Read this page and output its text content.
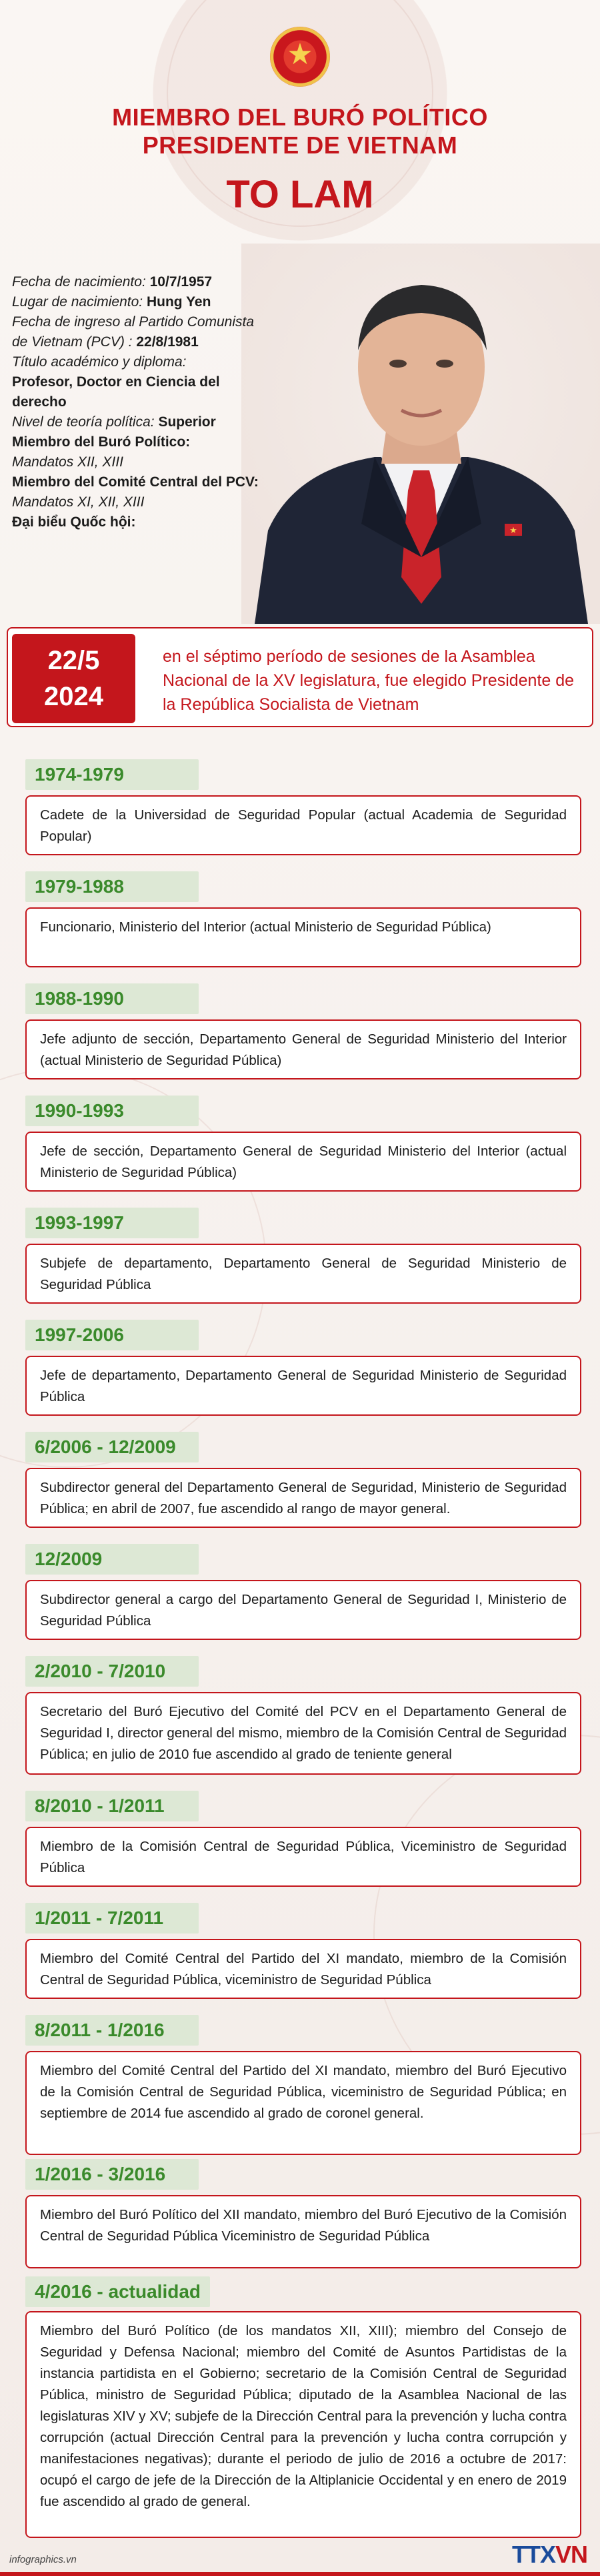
★
MIEMBRO DEL BURÓ POLÍTICO
PRESIDENTE DE VIETNAM
TO LAM
★
Fecha de nacimiento: 10/7/1957
Lugar de nacimiento: Hung Yen
Fecha de ingreso al Partido Comunista de Vietnam (PCV) : 22/8/1981
Título académico y diploma:
Profesor, Doctor en Ciencia del derecho
Nivel de teoría política: Superior
Miembro del Buró Político:
Mandatos XII, XIII
Miembro del Comité Central del PCV:
Mandatos XI, XII, XIII
Đại biểu Quốc hội:
22/5
2024
en el séptimo período de sesiones de la Asamblea Nacional de la XV legislatura, fue elegido Presidente de la República Socialista de Vietnam
1974-1979
Cadete de la Universidad de Seguridad Popular (actual Academia de Seguridad Popular)
1979-1988
Funcionario, Ministerio del Interior (actual Ministerio de Seguridad Pública)
1988-1990
Jefe adjunto de sección, Departamento General de Seguridad Ministerio del Interior (actual Ministerio de Seguridad Pública)
1990-1993
Jefe de sección, Departamento General de Seguridad Ministerio del Interior (actual Ministerio de Seguridad Pública)
1993-1997
Subjefe de departamento, Departamento General de Seguridad Ministerio de Seguridad Pública
1997-2006
Jefe de departamento, Departamento General de Seguridad Ministerio de Seguridad Pública
6/2006 - 12/2009
Subdirector general del Departamento General de Seguridad, Ministerio de Seguridad Pública; en abril de 2007, fue ascendido al rango de mayor general.
12/2009
Subdirector general a cargo del Departamento General de Seguridad I, Ministerio de Seguridad Pública
2/2010 - 7/2010
Secretario del Buró Ejecutivo del Comité del PCV en el Departamento General de Seguridad I, director general del mismo, miembro de la Comisión Central de Seguridad Pública; en julio de 2010 fue ascendido al grado de teniente general
8/2010 - 1/2011
Miembro de la Comisión Central de Seguridad Pública, Viceministro de Seguridad Pública
1/2011 - 7/2011
Miembro del Comité Central del Partido del XI mandato, miembro de la Comisión Central de Seguridad Pública, viceministro de Seguridad Pública
8/2011 - 1/2016
Miembro del Comité Central del Partido del XI mandato, miembro del Buró Ejecutivo de la Comisión Central de Seguridad Pública, viceministro de Seguridad Pública; en septiembre de 2014 fue ascendido al grado de coronel general.
1/2016 - 3/2016
Miembro del Buró Político del XII mandato, miembro del Buró Ejecutivo de la Comisión Central de Seguridad Pública Viceministro de Seguridad Pública
4/2016 - actualidad
Miembro del Buró Político (de los mandatos XII, XIII); miembro del Consejo de Seguridad y Defensa Nacional; miembro del Comité de Asuntos Partidistas de la instancia partidista en el Gobierno; secretario de la Comisión Central de Seguridad Pública, ministro de Seguridad Pública; diputado de la Asamblea Nacional de las legislaturas XIV y XV; subjefe de la Dirección Central para la prevención y lucha contra corrupción (actual Dirección Central para la prevención y lucha contra corrupción y manifestaciones negativas); durante el periodo de julio de 2016 a octubre de 2017: ocupó el cargo de jefe de la Dirección de la Altiplanicie Occidental y en enero de 2019 fue ascendido al grado de general.
infographics.vn	TTXVN
